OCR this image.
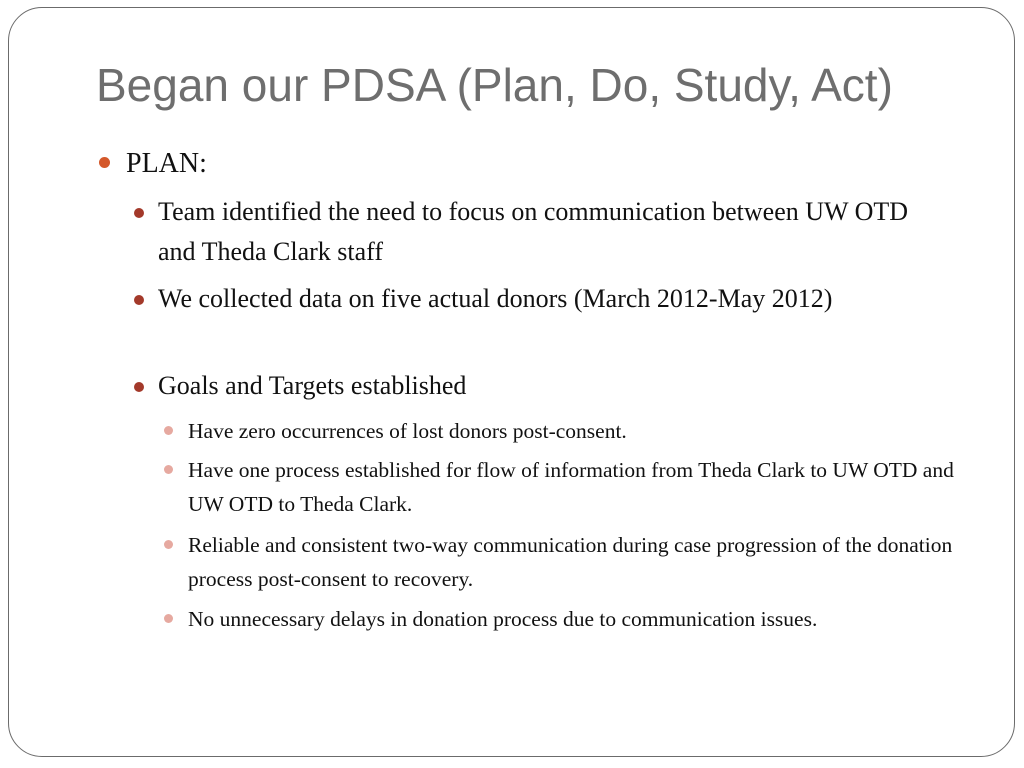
Began our PDSA (Plan, Do, Study, Act)

PLAN:

Team identified the need to focus on communication between UW OTD and Theda Clark staff

We collected data on five actual donors (March 2012-May 2012)

Goals and Targets established

Have zero occurrences of lost donors post-consent.

Have one process established for flow of information from Theda Clark to UW OTD and UW OTD to Theda Clark.

Reliable and consistent two-way communication during case progression of the donation process post-consent to recovery.

No unnecessary delays in donation process due to communication issues.
